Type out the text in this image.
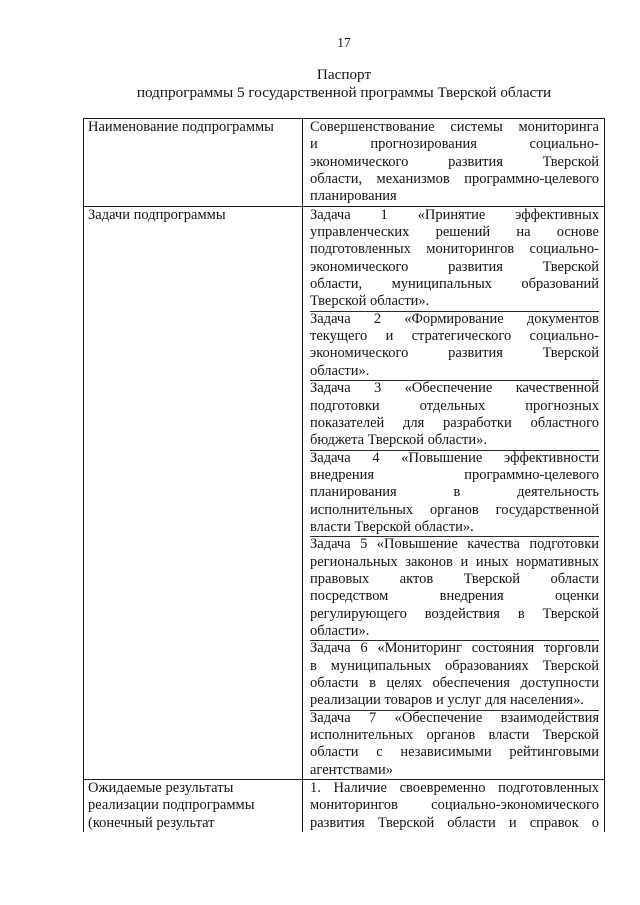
17
Паспорт
подпрограммы 5 государственной программы Тверской области
Наименование подпрограммы	Совершенствование системы мониторинга
и прогнозирования социально-
экономического развития Тверской
области, механизмов программно-целевого
планирования
Задачи подпрограммы	Задача 1 «Принятие эффективных
управленческих решений на основе
подготовленных мониторингов социально-
экономического развития Тверской
области, муниципальных образований
Тверской области».
Задача 2 «Формирование документов
текущего и стратегического социально-
экономического развития Тверской
области».
Задача 3 «Обеспечение качественной
подготовки отдельных прогнозных
показателей для разработки областного
бюджета Тверской области».
Задача 4 «Повышение эффективности
внедрения программно-целевого
планирования в деятельность
исполнительных органов государственной
власти Тверской области».
Задача 5 «Повышение качества подготовки
региональных законов и иных нормативных
правовых актов Тверской области
посредством внедрения оценки
регулирующего воздействия в Тверской
области».
Задача 6 «Мониторинг состояния торговли
в муниципальных образованиях Тверской
области в целях обеспечения доступности
реализации товаров и услуг для населения».
Задача 7 «Обеспечение взаимодействия
исполнительных органов власти Тверской
области с независимыми рейтинговыми
агентствами»
Ожидаемые результаты
реализации подпрограммы
(конечный результат
1. Наличие своевременно подготовленных
мониторингов социально-экономического
развития Тверской области и справок о
